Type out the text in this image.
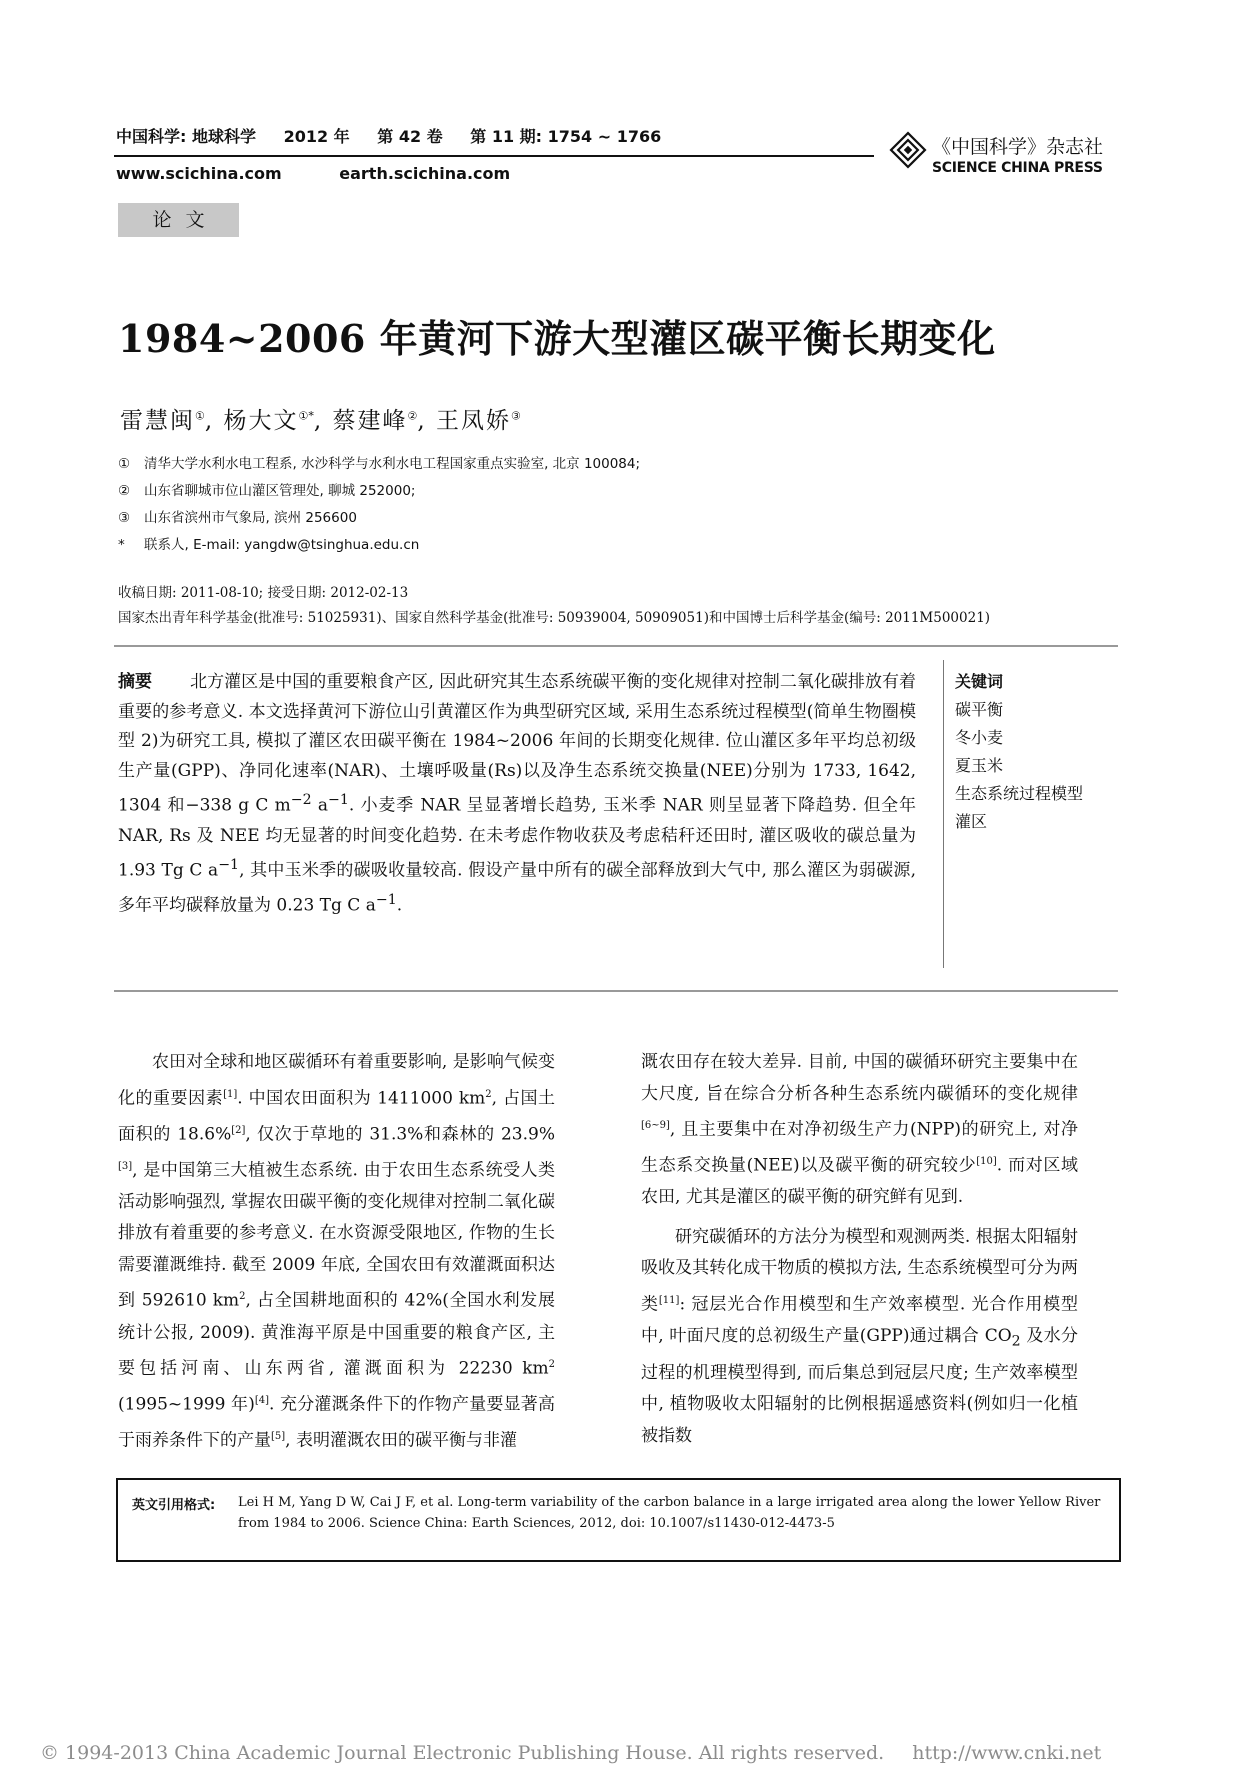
中国科学: 地球科学 2012 年 第 42 卷 第 11 期: 1754 ~ 1766
www.scichina.com	earth.scichina.com
《中国科学》杂志社
SCIENCE CHINA PRESS
论文
1984~2006 年黄河下游大型灌区碳平衡长期变化
雷慧闽①, 杨大文①*, 蔡建峰②, 王凤娇③
① 清华大学水利水电工程系, 水沙科学与水利水电工程国家重点实验室, 北京 100084;
② 山东省聊城市位山灌区管理处, 聊城 252000;
③ 山东省滨州市气象局, 滨州 256600
* 联系人, E-mail: yangdw@tsinghua.edu.cn
收稿日期: 2011-08-10; 接受日期: 2012-02-13
国家杰出青年科学基金(批准号: 51025931)、国家自然科学基金(批准号: 50939004, 50909051)和中国博士后科学基金(编号: 2011M500021)
摘要 北方灌区是中国的重要粮食产区, 因此研究其生态系统碳平衡的变化规律对控制二氧化碳排放有着重要的参考意义. 本文选择黄河下游位山引黄灌区作为典型研究区域, 采用生态系统过程模型(简单生物圈模型 2)为研究工具, 模拟了灌区农田碳平衡在 1984~2006 年间的长期变化规律. 位山灌区多年平均总初级生产量(GPP)、净同化速率(NAR)、土壤呼吸量(Rs)以及净生态系统交换量(NEE)分别为 1733, 1642, 1304 和−338 g C $m^{-2}$ $a^{-1}$. 小麦季 NAR 呈显著增长趋势, 玉米季 NAR 则呈显著下降趋势. 但全年 NAR, Rs 及 NEE 均无显著的时间变化趋势. 在未考虑作物收获及考虑秸秆还田时, 灌区吸收的碳总量为 1.93 Tg C $a^{-1}$, 其中玉米季的碳吸收量较高. 假设产量中所有的碳全部释放到大气中, 那么灌区为弱碳源, 多年平均碳释放量为 0.23 Tg C $a^{-1}$.
关键词
碳平衡
冬小麦
夏玉米
生态系统过程模型
灌区

农田对全球和地区碳循环有着重要影响, 是影响气候变化的重要因素[1]. 中国农田面积为 1411000 $km^2$, 占国土面积的 18.6%[2], 仅次于草地的 31.3%和森林的 23.9%[3], 是中国第三大植被生态系统. 由于农田生态系统受人类活动影响强烈, 掌握农田碳平衡的变化规律对控制二氧化碳排放有着重要的参考意义. 在水资源受限地区, 作物的生长需要灌溉维持. 截至 2009 年底, 全国农田有效灌溉面积达到 592610 $km^2$, 占全国耕地面积的 42%(全国水利发展统计公报, 2009). 黄淮海平原是中国重要的粮食产区, 主要包括河南、山东两省, 灌溉面积为 22230 $km^2$ (1995~1999 年)[4]. 充分灌溉条件下的作物产量要显著高于雨养条件下的产量[5], 表明灌溉农田的碳平衡与非灌

溉农田存在较大差异. 目前, 中国的碳循环研究主要集中在大尺度, 旨在综合分析各种生态系统内碳循环的变化规律[6~9], 且主要集中在对净初级生产力(NPP)的研究上, 对净生态系交换量(NEE)以及碳平衡的研究较少[10]. 而对区域农田, 尤其是灌区的碳平衡的研究鲜有见到.

研究碳循环的方法分为模型和观测两类. 根据太阳辐射吸收及其转化成干物质的模拟方法, 生态系统模型可分为两类[11]: 冠层光合作用模型和生产效率模型. 光合作用模型中, 叶面尺度的总初级生产量(GPP)通过耦合 $CO_2$ 及水分过程的机理模型得到, 而后集总到冠层尺度; 生产效率模型中, 植物吸收太阳辐射的比例根据遥感资料(例如归一化植被指数

英文引用格式: Lei H M, Yang D W, Cai J F, et al. Long-term variability of the carbon balance in a large irrigated area along the lower Yellow River from 1984 to 2006. Science China: Earth Sciences, 2012, doi: 10.1007/s11430-012-4473-5
© 1994-2013 China Academic Journal Electronic Publishing House. All rights reserved. http://www.cnki.net
